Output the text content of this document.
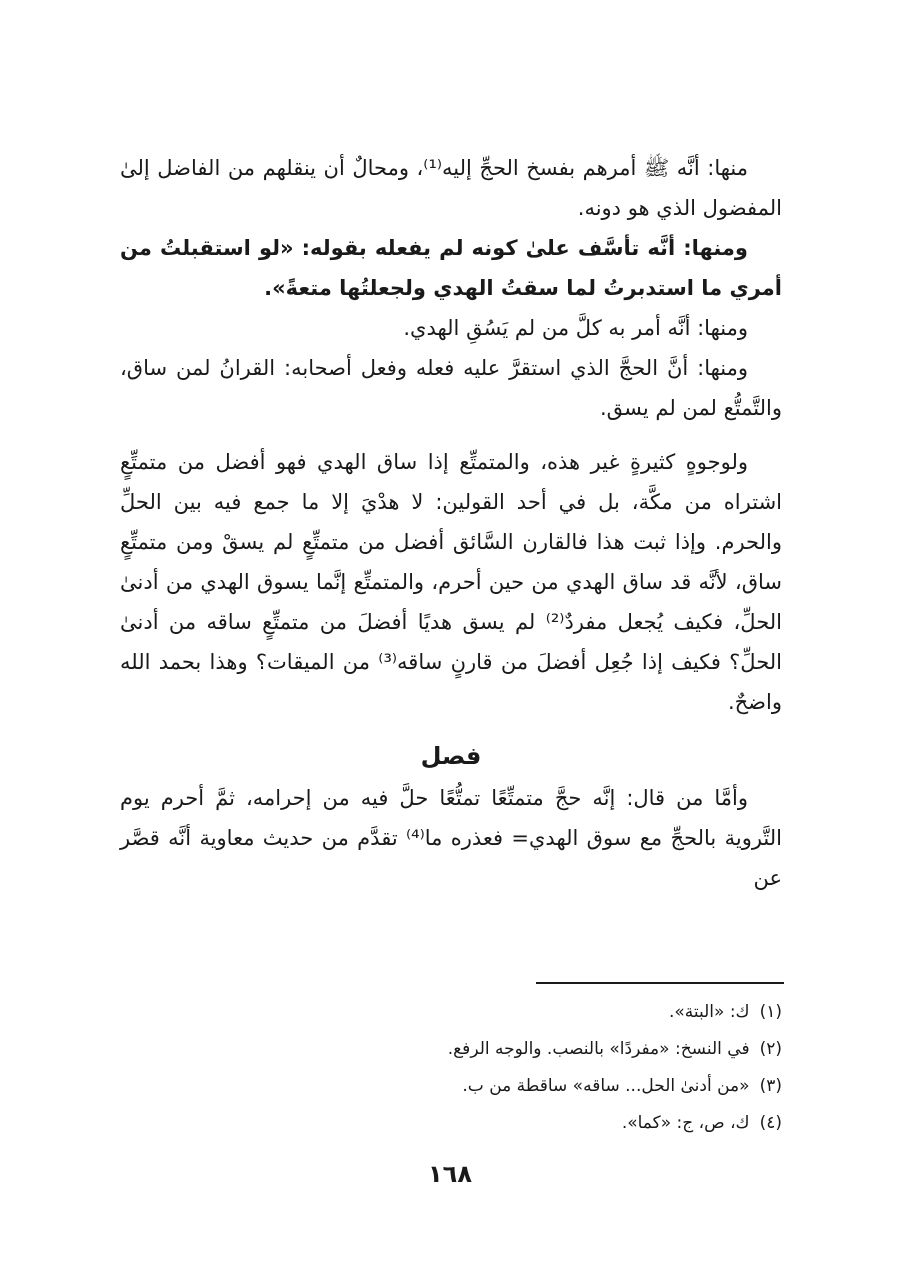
منها: أنَّه ﷺ أمرهم بفسخ الحجِّ إليه⁽¹⁾، ومحالٌ أن ينقلهم من الفاضل إلىٰ المفضول الذي هو دونه.

ومنها: أنَّه تأسَّف علىٰ كونه لم يفعله بقوله: «لو استقبلتُ من أمري ما استدبرتُ لما سقتُ الهدي ولجعلتُها متعةً».

ومنها: أنَّه أمر به كلَّ من لم يَسُقِ الهدي.

ومنها: أنَّ الحجَّ الذي استقرَّ عليه فعله وفعل أصحابه: القرانُ لمن ساق، والتَّمتُّع لمن لم يسق.

ولوجوهٍ كثيرةٍ غير هذه، والمتمتِّع إذا ساق الهدي فهو أفضل من متمتِّعٍ اشتراه من مكَّة، بل في أحد القولين: لا هدْيَ إلا ما جمع فيه بين الحلِّ والحرم. وإذا ثبت هذا فالقارن السَّائق أفضل من متمتِّعٍ لم يسقْ ومن متمتِّعٍ ساق، لأنَّه قد ساق الهدي من حين أحرم، والمتمتِّع إنَّما يسوق الهدي من أدنىٰ الحلِّ، فكيف يُجعل مفردٌ⁽²⁾ لم يسق هديًا أفضلَ من متمتِّعٍ ساقه من أدنىٰ الحلِّ؟ فكيف إذا جُعِل أفضلَ من قارنٍ ساقه⁽³⁾ من الميقات؟ وهذا بحمد الله واضحٌ.

فصل

وأمَّا من قال: إنَّه حجَّ متمتِّعًا تمتُّعًا حلَّ فيه من إحرامه، ثمَّ أحرم يوم التَّروية بالحجِّ مع سوق الهدي= فعذره ما⁽⁴⁾ تقدَّم من حديث معاوية أنَّه قصَّر عن

(١)ك: «البتة».

(٢)في النسخ: «مفردًا» بالنصب. والوجه الرفع.

(٣)«من أدنىٰ الحل... ساقه» ساقطة من ب.

(٤)ك، ص، ج: «كما».

١٦٨
